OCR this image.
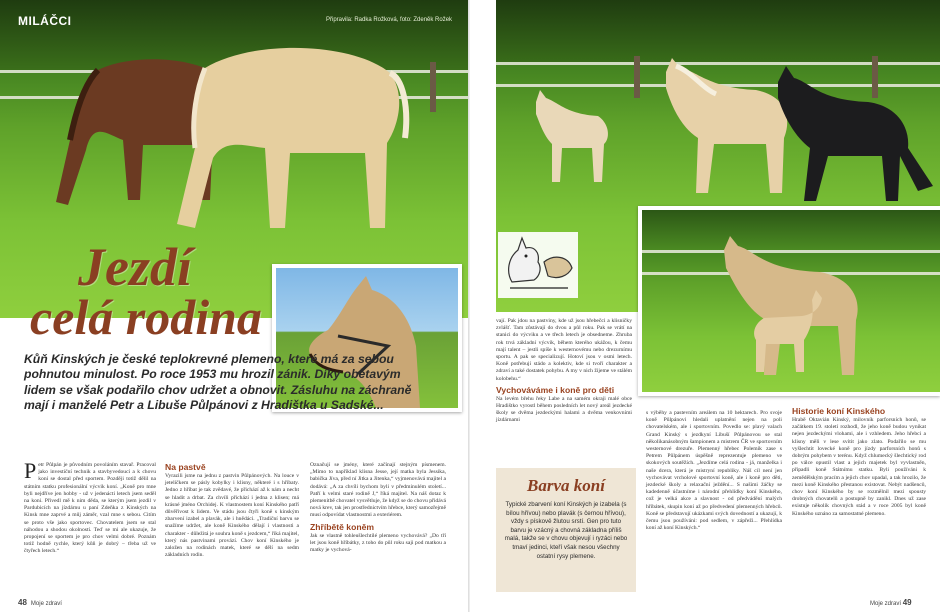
MILÁČCI	Připravila: Radka Rožková, foto: Zdeněk Rožek
Jezdí
celá rodina
Kůň Kinských je české teplokrevné plemeno, které má za sebou pohnutou minulost. Po roce 1953 mu hrozil zánik. Díky obětavým lidem se však podařilo chov udržet a obnovit. Zásluhu na záchraně mají i manželé Petr a Libuše Půlpánovi z Hradištka u Sadské...
P etr Půlpán je původním povoláním stavař. Pracoval jako investiční technik a stavbyvedoucí a k chovu koní se dostal před sportem. Později totiž dělil na státním statku profesionální výcvik koní. „Koně pro mne byli nejdříve jen hobby - už v jedenácti letech jsem seděl na koni. Přivedl mě k nim děda, se kterým jsem jezdil v Pardubicích na jízdárnu u paní Zdeňka z Kinských na Kinsk mne zaprvé a můj záměr, vzal mne s sebou. Citím se proto vše jako sportovec. Chovatelem jsem se stal náhodou a shodou okolností. Teď se mi ale ukazuje, že propojení se sportem je pro chov velmi dobré. Poznám totiž hodně rychle, který kůň je dobrý – třeba už ve čtyřech letech.“
Na pastvě

Vyrazili jsme na jednu z pastvin Půlpánových. Na louce v jetelíčkem se pásly kobylky i klisny, některé i s hříbaty. Jedno z hříbat je tak zvědavé, že přichází až k nám a necht se hladit a drbat. Za chvíli přichází i jedna z klisen; má krásné jméno Orchidej. K vlastnostem koní Kinského patří důvěřivost k lidem. Ve stádu jsou čtyři koně s kinským zbarvení izabel a plavák, ale i hnědáci. „Tradiční barvu se snažíme udržet, ale koně Kinského dělají i vlastnosti a charakter - důležitá je souhra koně s jezdcem,“ říká majitel, který nás pastvinami provází. Chov koní Kinského je založen na rodinách matek, které se dělí na sedm základních rodin.

Označují se jmény, které začínají stejným písmenem. „Mimo to například klisna Jesse, její matka byla Jessika, babička Jíva, před ní Jitka a Jitenka,“ vyjmenovává majitel a dodává: „A za chvíli bychom byli v předminulém století... Patří k velmi staré rodině J,“ říká majitel. Na náš dotaz k plemenitbě chovatel vysvětluje, že když se do chovu přidává nová krev, tak jen prostřednictvím hřebce, který samozřejmě musí odpovídat vlastnostmi a exteriérem.

Zhříbětě koněm

Jak se vlastně tohleušlechtilé plemeno vychovává? „Do tří let jsou koně hříbátky, z toho do půl roku saji pod matkou a matky je vychová-

48 Moje zdraví

vají. Pak jdou na pastviny, kde už jsou hřebečci a klisničky zvlášť. Tam zůstávají do dvou a půl roku. Pak se vrátí na stanici do výcviku a ve třech letech je obsedneme. Zhruba rok trvá základní výcvik, během kterého ukážou, k čemu mají talent – jestli spíše k westernovému nebo drezurnímu sportu. A pak se specializují. Hotoví jsou v osmi letech. Koně potřebují stádo a kolektiv, kde si tvoří charakter a zdraví a také dostatek pohybu. A my v nich žijeme ve stálém kolobehu.“

Vychováváme i koně pro děti

Na levém břehu řeky Labe a na samém okraji malé obce Hradištko vyrostl během posledních let nový areál jezdecké školy se dvěma jezdeckými halami a dvěma venkovními jízdárnami

Barva koní
Typické zbarvení koní Kinských je izabela (s bílou hřívou) nebo plavák (s černou hřívou), vždy s pískově žlutou srstí. Gen pro tuto barvu je vzácný a chovná základna příliš malá, takže se v chovu objevují i ryzáci nebo tmaví jedinci, kteří však nesou všechny ostatní rysy plemene.

s výběhy a pastevním areálem na 10 hektarech. Pro svoje koně Půlpánovi hledali uplatnění nejen na poli chovatelském, ale i sportovním. Povedlo se: plavý valach Grand Kinský s jezdkyní Libuší Půlpánovou se stal několikanásobným šampionem a mistrem ČR ve sportovním westernové drezuře. Plemenný hřebec Polemik zase s Petrem Půlpánem úspěšně reprezentuje plemeno ve skokových soutěžích. „Jezdíme celá rodina - já, manželka i naše dcera, která je mistryní republiky. Náš cíl není jen vychovávat vrcholové sportovní koně, ale i koně pro děti, jezdecké školy a relaxační ježdění... S našimi žáčky se kadedenně účastníme i národní přehlídky koní Kinského, což je velká akce a slavnost - od předvádění malých hříbátek, skupin koní až po předvedení plemenných hřebců. Koně se představují ukázkami svých dovedností a ukazují, k čemu jsou používáni: pod sedlem, v zápřeži... Přehlídka koní až koní Kinských.“

Historie koní Kinského

Hrabě Oktavián Kinský, milovník parforsních honů, se začátkem 19. století rozhodl, že jeho koně budou vynikat nejen jezdeckými vlohami, ale i vzhledem. Jeho hřebci a klisny měli v lese svítit jako zlato. Podařilo se mu vyšlechtit lovecké koně pro jízdy parforsních honů s dobrým pohybem v terénu. Když chlumecký šlechtický rod po válce opustil vlast a jejich majetek byl vyvlastněn, připadli koně Státnímu statku. Byli používáni k zemědělským pracím a jejich chov upadal, a tak hrozilo, že mezi koně Kinského přestanou existovat. Nebýt nadšenců, chov koní Kinského by se rozmělnil mezi spousty drobných chovatelů a postupně by zanikl. Dnes už zase existuje několik chovných stád a v roce 2005 byl koně Kinského uznáno za samostatné plemeno.

Moje zdraví 49
